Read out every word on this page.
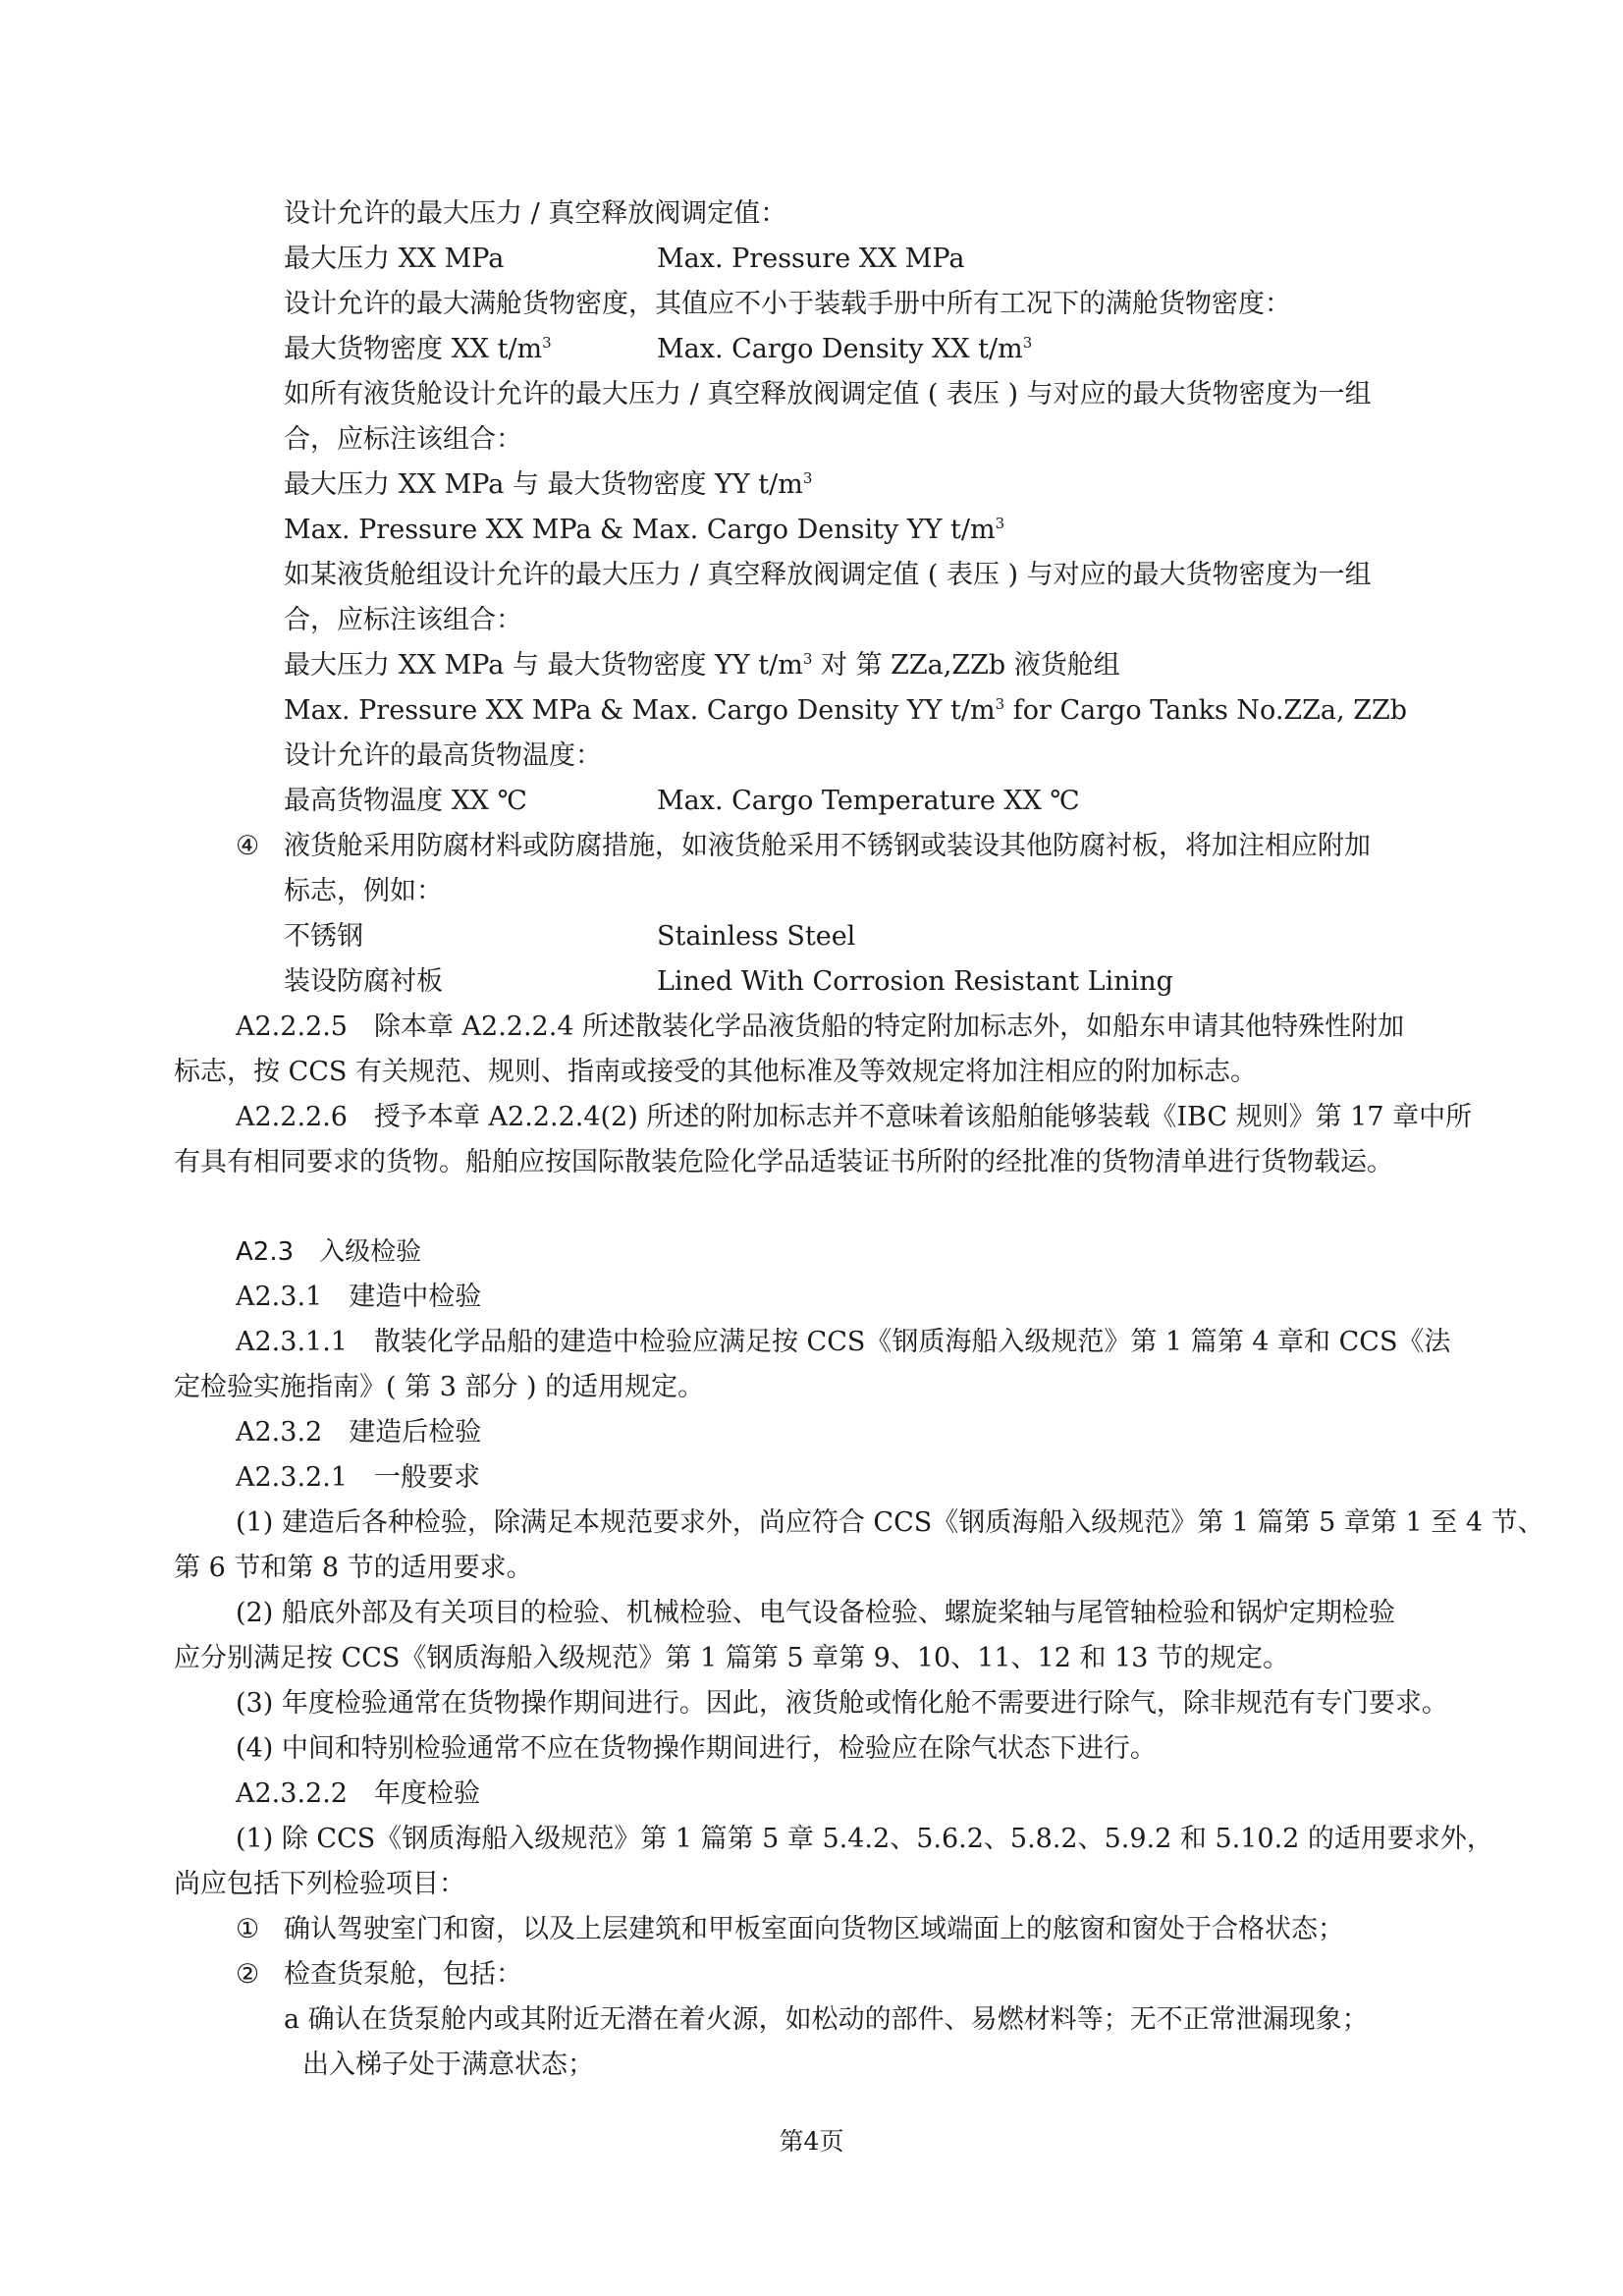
设计允许的最大压力 / 真空释放阀调定值：
最大压力 XX MPa	Max. Pressure XX MPa
设计允许的最大满舱货物密度，其值应不小于装载手册中所有工况下的满舱货物密度：
最大货物密度 XX $t/m^3$	Max. Cargo Density XX $t/m^3$
如所有液货舱设计允许的最大压力 / 真空释放阀调定值 ( 表压 ) 与对应的最大货物密度为一组
合，应标注该组合：
最大压力 XX MPa 与 最大货物密度 YY $t/m^3$
Max. Pressure XX MPa & Max. Cargo Density YY $t/m^3$
如某液货舱组设计允许的最大压力 / 真空释放阀调定值 ( 表压 ) 与对应的最大货物密度为一组
合，应标注该组合：
最大压力 XX MPa 与 最大货物密度 YY $t/m^3$ 对 第 ZZa,ZZb 液货舱组
Max. Pressure XX MPa & Max. Cargo Density YY $t/m^3$ for Cargo Tanks No.ZZa, ZZb
设计允许的最高货物温度：
最高货物温度 XX ℃	Max. Cargo Temperature XX ℃
④ 液货舱采用防腐材料或防腐措施，如液货舱采用不锈钢或装设其他防腐衬板，将加注相应附加
标志，例如：
不锈钢	Stainless Steel
装设防腐衬板	Lined With Corrosion Resistant Lining
A2.2.2.5　除本章 A2.2.2.4 所述散装化学品液货船的特定附加标志外，如船东申请其他特殊性附加
标志，按 CCS 有关规范、规则、指南或接受的其他标准及等效规定将加注相应的附加标志。
A2.2.2.6　授予本章 A2.2.2.4(2) 所述的附加标志并不意味着该船舶能够装载《IBC 规则》第 17 章中所
有具有相同要求的货物。船舶应按国际散装危险化学品适装证书所附的经批准的货物清单进行货物载运。
A2.3　入级检验
A2.3.1　建造中检验
A2.3.1.1　散装化学品船的建造中检验应满足按 CCS《钢质海船入级规范》第 1 篇第 4 章和 CCS《法
定检验实施指南》( 第 3 部分 ) 的适用规定。
A2.3.2　建造后检验
A2.3.2.1　一般要求
(1) 建造后各种检验，除满足本规范要求外，尚应符合 CCS《钢质海船入级规范》第 1 篇第 5 章第 1 至 4 节、
第 6 节和第 8 节的适用要求。
(2) 船底外部及有关项目的检验、机械检验、电气设备检验、螺旋桨轴与尾管轴检验和锅炉定期检验
应分别满足按 CCS《钢质海船入级规范》第 1 篇第 5 章第 9、10、11、12 和 13 节的规定。
(3) 年度检验通常在货物操作期间进行。因此，液货舱或惰化舱不需要进行除气，除非规范有专门要求。
(4) 中间和特别检验通常不应在货物操作期间进行，检验应在除气状态下进行。
A2.3.2.2　年度检验
(1) 除 CCS《钢质海船入级规范》第 1 篇第 5 章 5.4.2、5.6.2、5.8.2、5.9.2 和 5.10.2 的适用要求外，
尚应包括下列检验项目：
① 确认驾驶室门和窗，以及上层建筑和甲板室面向货物区域端面上的舷窗和窗处于合格状态；
② 检查货泵舱，包括：
a 确认在货泵舱内或其附近无潜在着火源，如松动的部件、易燃材料等；无不正常泄漏现象；
出入梯子处于满意状态；
第4页
